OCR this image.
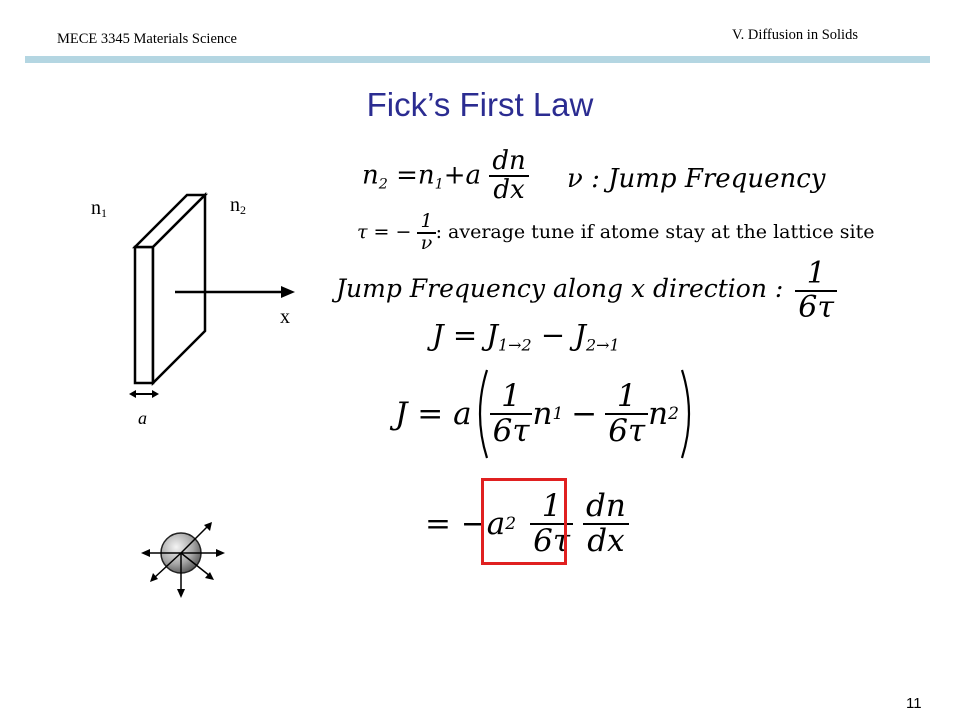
MECE 3345 Materials Science	V. Diffusion in Solids
Fick’s First Law
$n_1$	$n_2$
x
a
$n_2 =n_1+a \frac{dn}{dx}$ ν : Jump Frequency
τ = − $\frac{1}{\nu}$ : average tune if atome stay at the lattice site
Jump Frequency along x direction : $\frac{1}{6\tau}$
$J = J_{1\to 2} - J_{2\to 1}$
J = a $\frac{1}{6\tau}$ n $1 - \frac{1}{6\tau}$ n 2
= −a $2 \frac{1}{6\tau} \frac{dn}{dx}$
11
